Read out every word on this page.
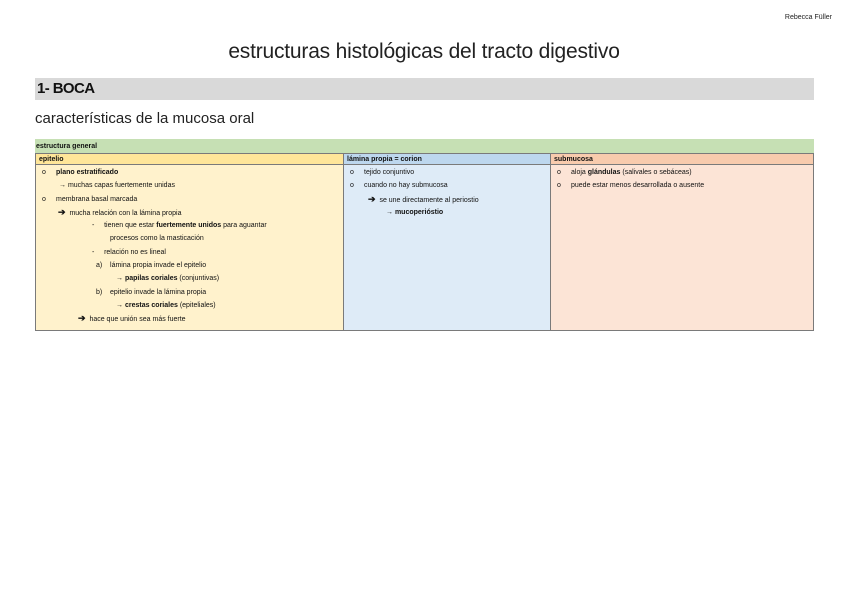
Rebecca Füller
estructuras histológicas del tracto digestivo
1- BOCA
características de la mucosa oral
estructura general
epitelio	lámina propia = corion	submucosa
o plano estratificado
→ muchas capas fuertemente unidas
o membrana basal marcada
➔ mucha relación con la lámina propia
- tienen que estar fuertemente unidos para aguantar
procesos como la masticación
- relación no es lineal
a) lámina propia invade el epitelio
→ papilas coriales (conjuntivas)
b) epitelio invade la lámina propia
→ crestas coriales (epiteliales)
➔ hace que unión sea más fuerte
o tejido conjuntivo
o cuando no hay submucosa
➔ se une directamente al periostio
→ mucoperióstio
o aloja glándulas (salivales o sebáceas)
o puede estar menos desarrollada o ausente
